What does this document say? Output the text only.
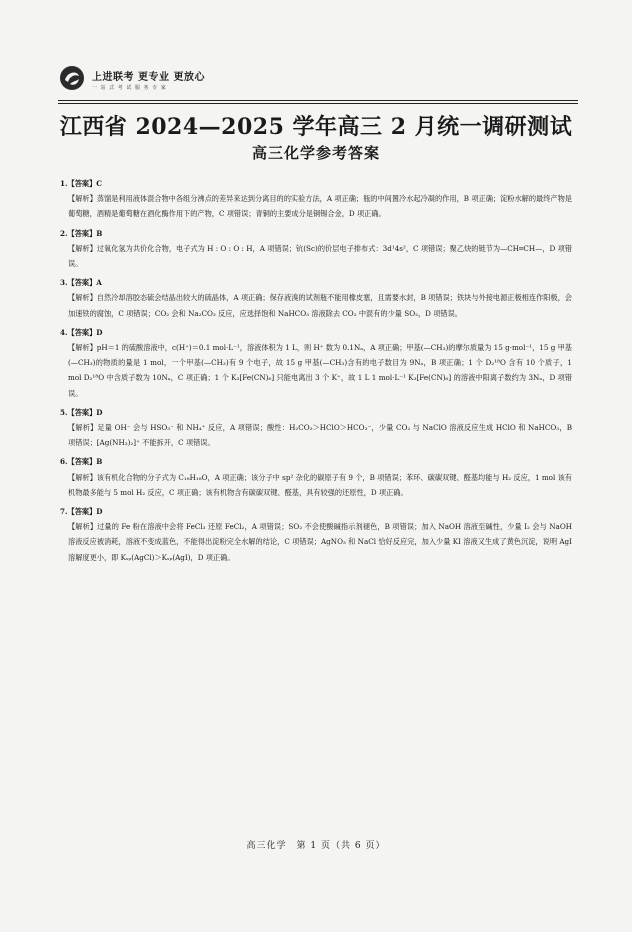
上进联考 更专业 更放心
一 站 式 考 试 服 务 专 家
江西省 2024—2025 学年高三 2 月统一调研测试
高三化学参考答案
1.【答案】C
【解析】蒸馏是利用液体混合物中各组分沸点的差异来达到分离目的的实验方法，A 项正确；瓶的中间置冷水起冷凝的作用，B 项正确；淀粉水解的最终产物是葡萄糖，酒精是葡萄糖在酒化酶作用下的产物，C 项错误；青铜的主要成分是铜锡合金，D 项正确。
2.【答案】B
【解析】过氧化氢为共价化合物，电子式为 H : O : O : H，A 项错误；钪(Sc)的价层电子排布式：3d¹4s²，C 项错误；聚乙炔的链节为—CH═CH—，D 项错误。
3.【答案】A
【解析】自然冷却溶胶态硫会结晶出较大的硫晶体，A 项正确；保存液溴的试剂瓶不能用橡皮塞，且需要水封，B 项错误；铁块与外接电源正极相连作阳极，会加速铁的腐蚀，C 项错误；CO₂ 会和 Na₂CO₃ 反应，应选择饱和 NaHCO₃ 溶液除去 CO₂ 中混有的少量 SO₂，D 项错误。
4.【答案】D
【解析】pH＝1 的硫酸溶液中，c(H⁺)＝0.1 mol·L⁻¹，溶液体积为 1 L，则 H⁺ 数为 0.1Nₐ，A 项正确；甲基(—CH₃)的摩尔质量为 15 g·mol⁻¹，15 g 甲基(—CH₃)的物质的量是 1 mol，一个甲基(—CH₃)有 9 个电子，故 15 g 甲基(—CH₃)含有的电子数目为 9Nₐ，B 项正确；1 个 D₂¹⁸O 含有 10 个质子，1 mol D₂¹⁸O 中含质子数为 10Nₐ，C 项正确；1 个 K₃[Fe(CN)₆] 只能电离出 3 个 K⁺，故 1 L 1 mol·L⁻¹ K₃[Fe(CN)₆] 的溶液中阳离子数约为 3Nₐ，D 项错误。
5.【答案】D
【解析】足量 OH⁻ 会与 HSO₃⁻ 和 NH₄⁺ 反应，A 项错误；酸性：H₂CO₃＞HClO＞HCO₃⁻，少量 CO₂ 与 NaClO 溶液反应生成 HClO 和 NaHCO₃，B 项错误；[Ag(NH₃)₂]⁺ 不能拆开，C 项错误。
6.【答案】B
【解析】该有机化合物的分子式为 C₁₈H₁₈O，A 项正确；该分子中 sp² 杂化的碳原子有 9 个，B 项错误；苯环、碳碳双键、醛基均能与 H₂ 反应，1 mol 该有机物最多能与 5 mol H₂ 反应，C 项正确；该有机物含有碳碳双键、醛基，具有较强的还原性，D 项正确。
7.【答案】D
【解析】过量的 Fe 粉在溶液中会将 FeCl₃ 还原 FeCl₂，A 项错误；SO₂ 不会使酸碱指示剂褪色，B 项错误；加入 NaOH 溶液至碱性，少量 I₂ 会与 NaOH 溶液反应被消耗，溶液不变成蓝色，不能得出淀粉完全水解的结论，C 项错误；AgNO₃ 和 NaCl 恰好反应完，加入少量 KI 溶液又生成了黄色沉淀，说明 AgI 溶解度更小，即 Kₛₚ(AgCl)＞Kₛₚ(AgI)，D 项正确。
高三化学　第 1 页（共 6 页）
